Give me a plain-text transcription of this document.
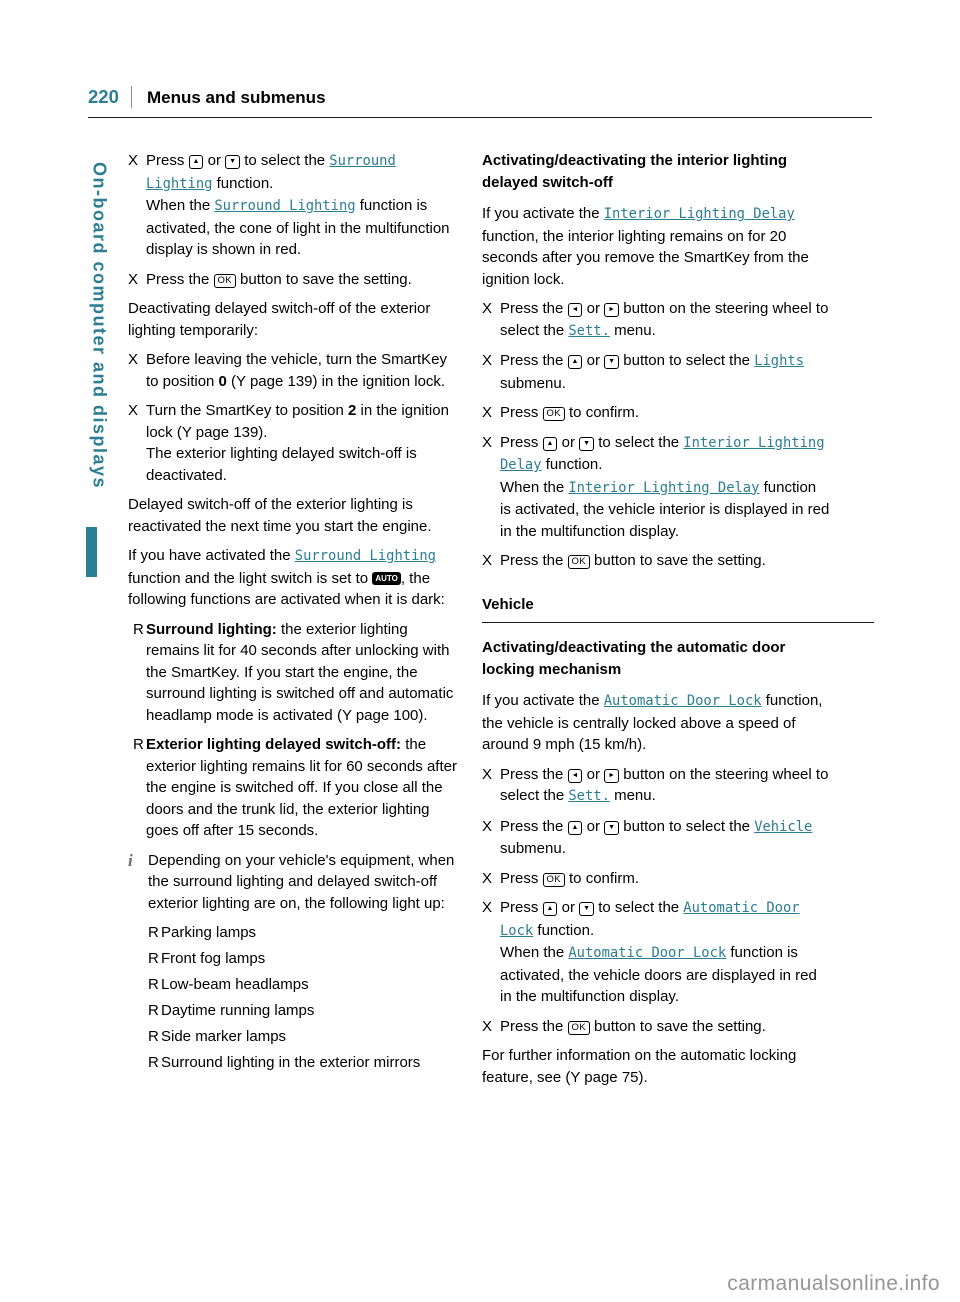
220	Menus and submenus
On-board computer and displays
X Press ▲ or ▼ to select the Surround Lighting function.
When the Surround Lighting function is activated, the cone of light in the multifunction display is shown in red.
X Press the OK button to save the setting.
Deactivating delayed switch-off of the exterior lighting temporarily:
X Before leaving the vehicle, turn the SmartKey to position 0 (Y page 139) in the ignition lock.
X Turn the SmartKey to position 2 in the ignition lock (Y page 139).
The exterior lighting delayed switch-off is deactivated.
Delayed switch-off of the exterior lighting is reactivated the next time you start the engine.
If you have activated the Surround Lighting function and the light switch is set to AUTO , the following functions are activated when it is dark:
R Surround lighting: the exterior lighting remains lit for 40 seconds after unlocking with the SmartKey. If you start the engine, the surround lighting is switched off and automatic headlamp mode is activated (Y page 100).
R Exterior lighting delayed switch-off: the exterior lighting remains lit for 60 seconds after the engine is switched off. If you close all the doors and the trunk lid, the exterior lighting goes off after 15 seconds.
i	Depending on your vehicle's equipment, when the surround lighting and delayed switch-off exterior lighting are on, the following light up:
R Parking lamps
R Front fog lamps
R Low-beam headlamps
R Daytime running lamps
R Side marker lamps
R Surround lighting in the exterior mirrors
Activating/deactivating the interior lighting delayed switch-off
If you activate the Interior Lighting Delay function, the interior lighting remains on for 20 seconds after you remove the SmartKey from the ignition lock.
X Press the ◄ or ► button on the steering wheel to select the Sett. menu.
X Press the ▲ or ▼ button to select the Lights submenu.
X Press OK to confirm.
X Press ▲ or ▼ to select the Interior Lighting Delay function.
When the Interior Lighting Delay function is activated, the vehicle interior is displayed in red in the multifunction display.
X Press the OK button to save the setting.
Vehicle
Activating/deactivating the automatic door locking mechanism
If you activate the Automatic Door Lock function, the vehicle is centrally locked above a speed of around 9 mph (15 km/h).
X Press the ◄ or ► button on the steering wheel to select the Sett. menu.
X Press the ▲ or ▼ button to select the Vehicle submenu.
X Press OK to confirm.
X Press ▲ or ▼ to select the Automatic Door Lock function.
When the Automatic Door Lock function is activated, the vehicle doors are displayed in red in the multifunction display.
X Press the OK button to save the setting.
For further information on the automatic locking feature, see (Y page 75).
carmanualsonline.info
